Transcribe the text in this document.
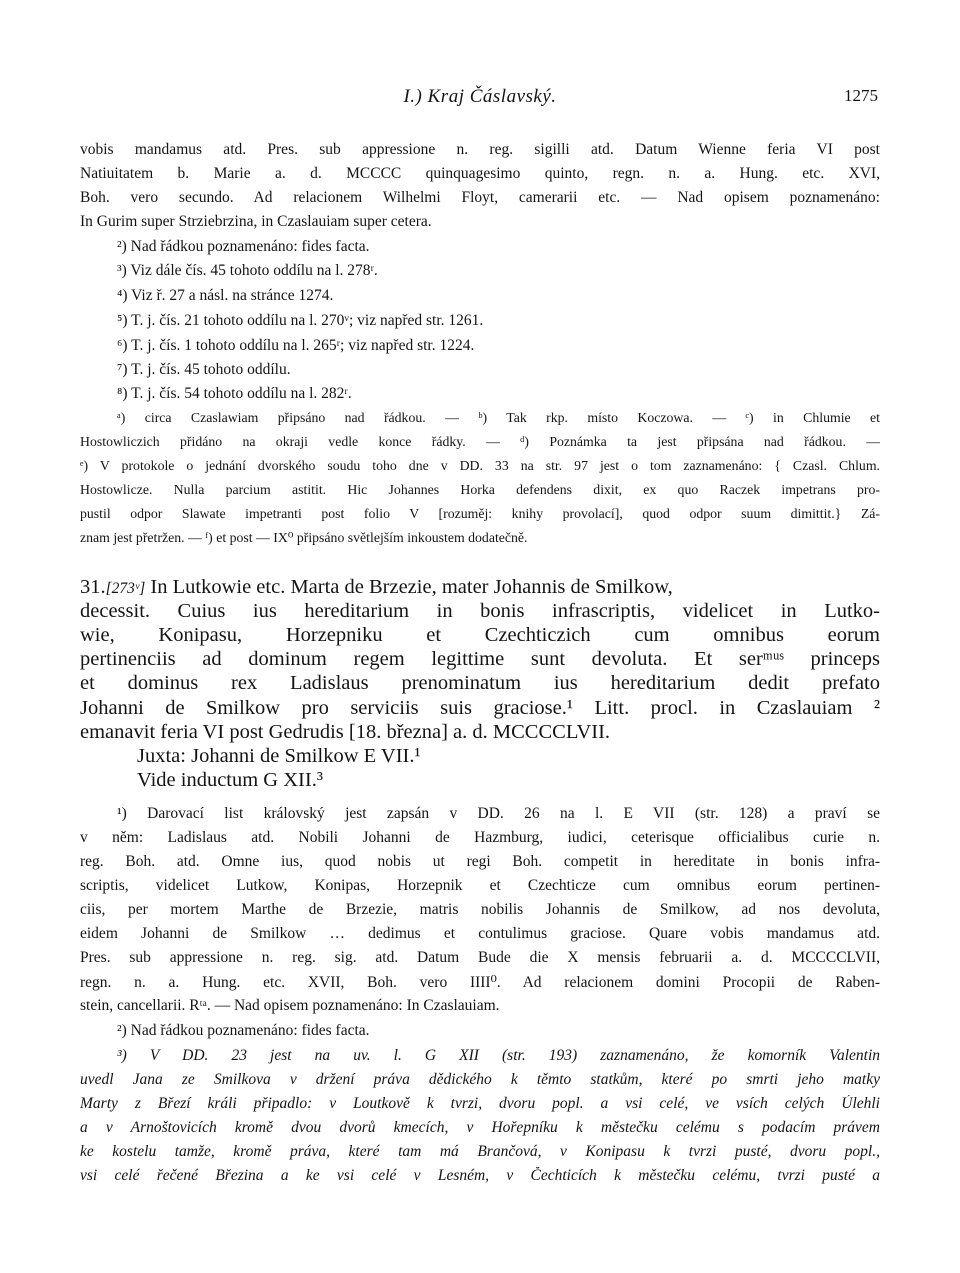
I.) Kraj Čáslavský.	1275
vobis mandamus atd. Pres. sub appressione n. reg. sigilli atd. Datum Wienne feria VI post
Natiuitatem b. Marie a. d. MCCCC quinquagesimo quinto, regn. n. a. Hung. etc. XVI,
Boh. vero secundo. Ad relacionem Wilhelmi Floyt, camerarii etc. — Nad opisem poznamenáno:
In Gurim super Strziebrzina, in Czaslauiam super cetera.
²) Nad řádkou poznamenáno: fides facta.
³) Viz dále čís. 45 tohoto oddílu na l. 278ʳ.
⁴) Viz ř. 27 a násl. na stránce 1274.
⁵) T. j. čís. 21 tohoto oddílu na l. 270ᵛ; viz napřed str. 1261.
⁶) T. j. čís. 1 tohoto oddílu na l. 265ʳ; viz napřed str. 1224.
⁷) T. j. čís. 45 tohoto oddílu.
⁸) T. j. čís. 54 tohoto oddílu na l. 282ʳ.
ᵃ) circa Czaslawiam připsáno nad řádkou. — ᵇ) Tak rkp. místo Koczowa. — ᶜ) in Chlumie et
Hostowliczich přidáno na okraji vedle konce řádky. — ᵈ) Poznámka ta jest připsána nad řádkou. —
ᵉ) V protokole o jednání dvorského soudu toho dne v DD. 33 na str. 97 jest o tom zaznamenáno: { Czasl. Chlum.
Hostowlicze. Nulla parcium astitit. Hic Johannes Horka defendens dixit, ex quo Raczek impetrans pro-
pustil odpor Slawate impetranti post folio V [rozuměj: knihy provolací], quod odpor suum dimittit.} Zá-
znam jest přetržen. — ᶠ) et post — IX⁰ připsáno světlejším inkoustem dodatečně.
31.[273ᵛ] In Lutkowie etc. Marta de Brzezie, mater Johannis de Smilkow,
decessit. Cuius ius hereditarium in bonis infrascriptis, videlicet in Lutko-
wie, Konipasu, Horzepniku et Czechticzich cum omnibus eorum
pertinenciis ad dominum regem legittime sunt devoluta. Et serᵐᵘˢ princeps
et dominus rex Ladislaus prenominatum ius hereditarium dedit prefato
Johanni de Smilkow pro serviciis suis graciose.¹ Litt. procl. in Czaslauiam ²
emanavit feria VI post Gedrudis [18. března] a. d. MCCCCLVII.
Juxta: Johanni de Smilkow E VII.¹
Vide inductum G XII.³
¹) Darovací list královský jest zapsán v DD. 26 na l. E VII (str. 128) a praví se
v něm: Ladislaus atd. Nobili Johanni de Hazmburg, iudici, ceterisque officialibus curie n.
reg. Boh. atd. Omne ius, quod nobis ut regi Boh. competit in hereditate in bonis infra-
scriptis, videlicet Lutkow, Konipas, Horzepnik et Czechticze cum omnibus eorum pertinen-
ciis, per mortem Marthe de Brzezie, matris nobilis Johannis de Smilkow, ad nos devoluta,
eidem Johanni de Smilkow … dedimus et contulimus graciose. Quare vobis mandamus atd.
Pres. sub appressione n. reg. sig. atd. Datum Bude die X mensis februarii a. d. MCCCCLVII,
regn. n. a. Hung. etc. XVII, Boh. vero IIII⁰. Ad relacionem domini Procopii de Raben-
stein, cancellarii. Rᵗᵃ. — Nad opisem poznamenáno: In Czaslauiam.
²) Nad řádkou poznamenáno: fides facta.
³) V DD. 23 jest na uv. l. G XII (str. 193) zaznamenáno, že komorník Valentin
uvedl Jana ze Smilkova v držení práva dědického k těmto statkům, které po smrti jeho matky
Marty z Březí králi připadlo: v Loutkově k tvrzi, dvoru popl. a vsi celé, ve vsích celých Úlehli
a v Arnoštovicích kromě dvou dvorů kmecích, v Hořepníku k městečku celému s podacím právem
ke kostelu tamže, kromě práva, které tam má Brančová, v Konipasu k tvrzi pusté, dvoru popl.,
vsi celé řečené Březina a ke vsi celé v Lesném, v Čechticích k městečku celému, tvrzi pusté a
